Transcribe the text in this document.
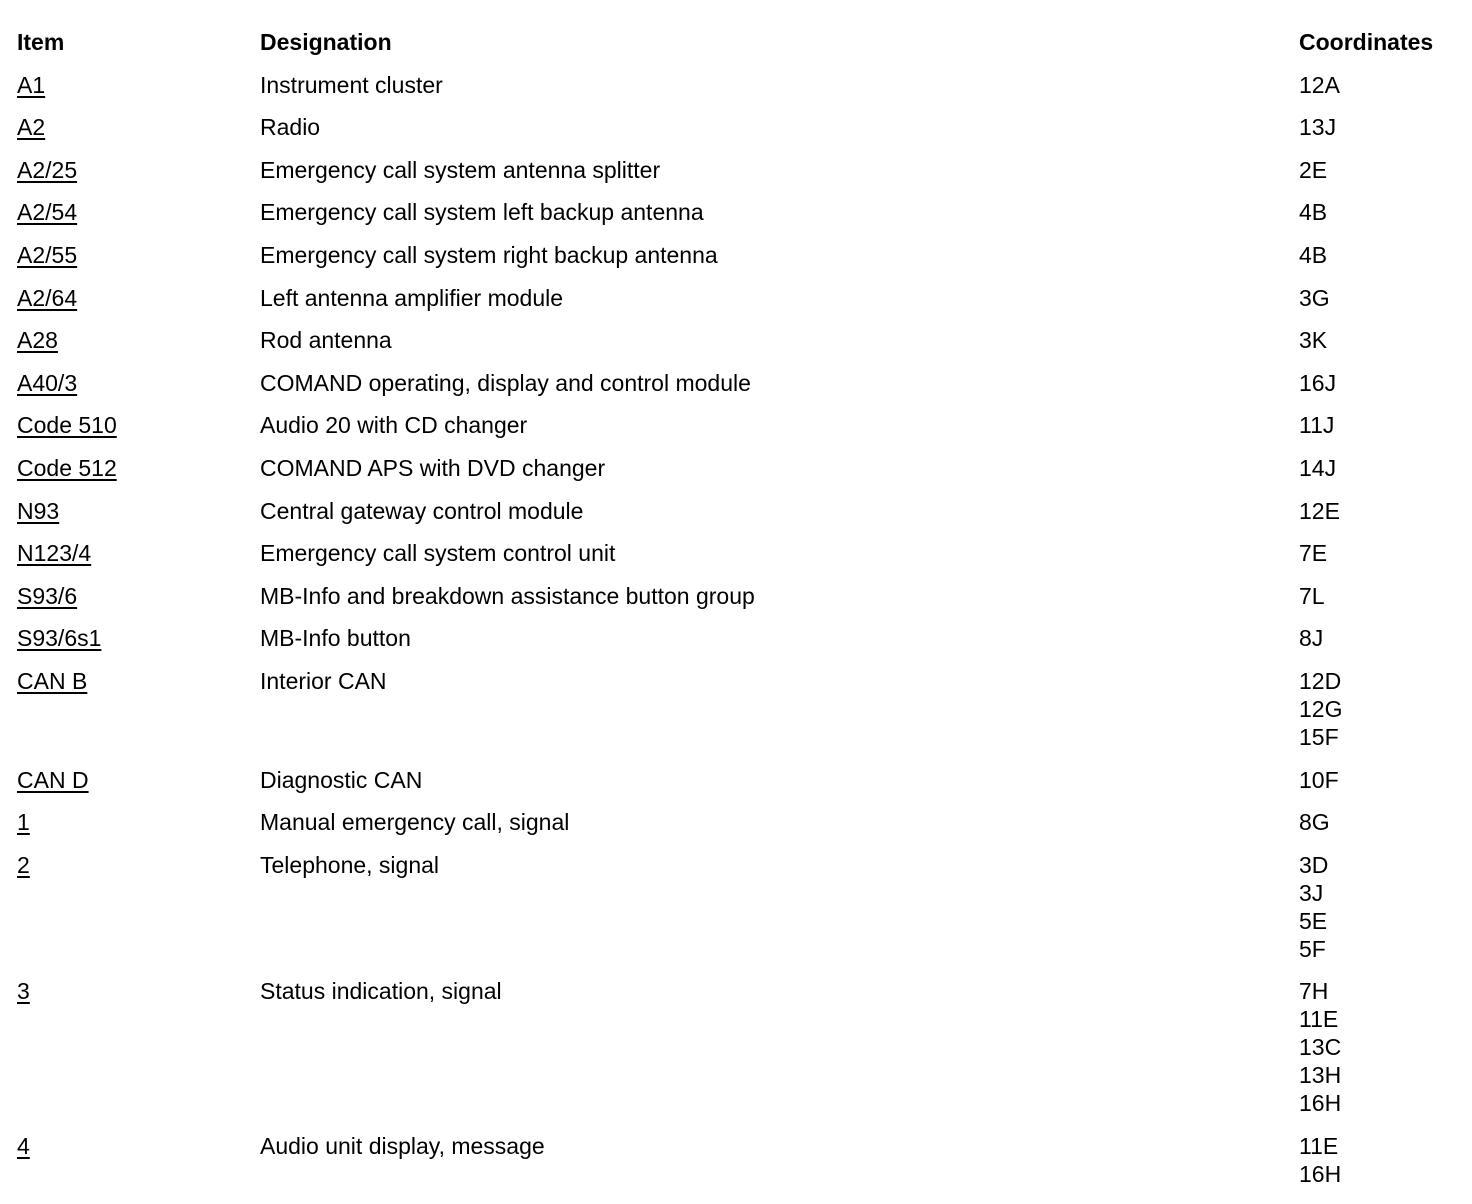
Item	Designation	Coordinates
A1	Instrument cluster	12A
A2	Radio	13J
A2/25	Emergency call system antenna splitter	2E
A2/54	Emergency call system left backup antenna	4B
A2/55	Emergency call system right backup antenna	4B
A2/64	Left antenna amplifier module	3G
A28	Rod antenna	3K
A40/3	COMAND operating, display and control module	16J
Code 510	Audio 20 with CD changer	11J
Code 512	COMAND APS with DVD changer	14J
N93	Central gateway control module	12E
N123/4	Emergency call system control unit	7E
S93/6	MB-Info and breakdown assistance button group	7L
S93/6s1	MB-Info button	8J
CAN B	Interior CAN	12D
12G
15F
CAN D	Diagnostic CAN	10F
1	Manual emergency call, signal	8G
2	Telephone, signal	3D
3J
5E
5F
3	Status indication, signal	7H
11E
13C
13H
16H
4	Audio unit display, message	11E
16H
